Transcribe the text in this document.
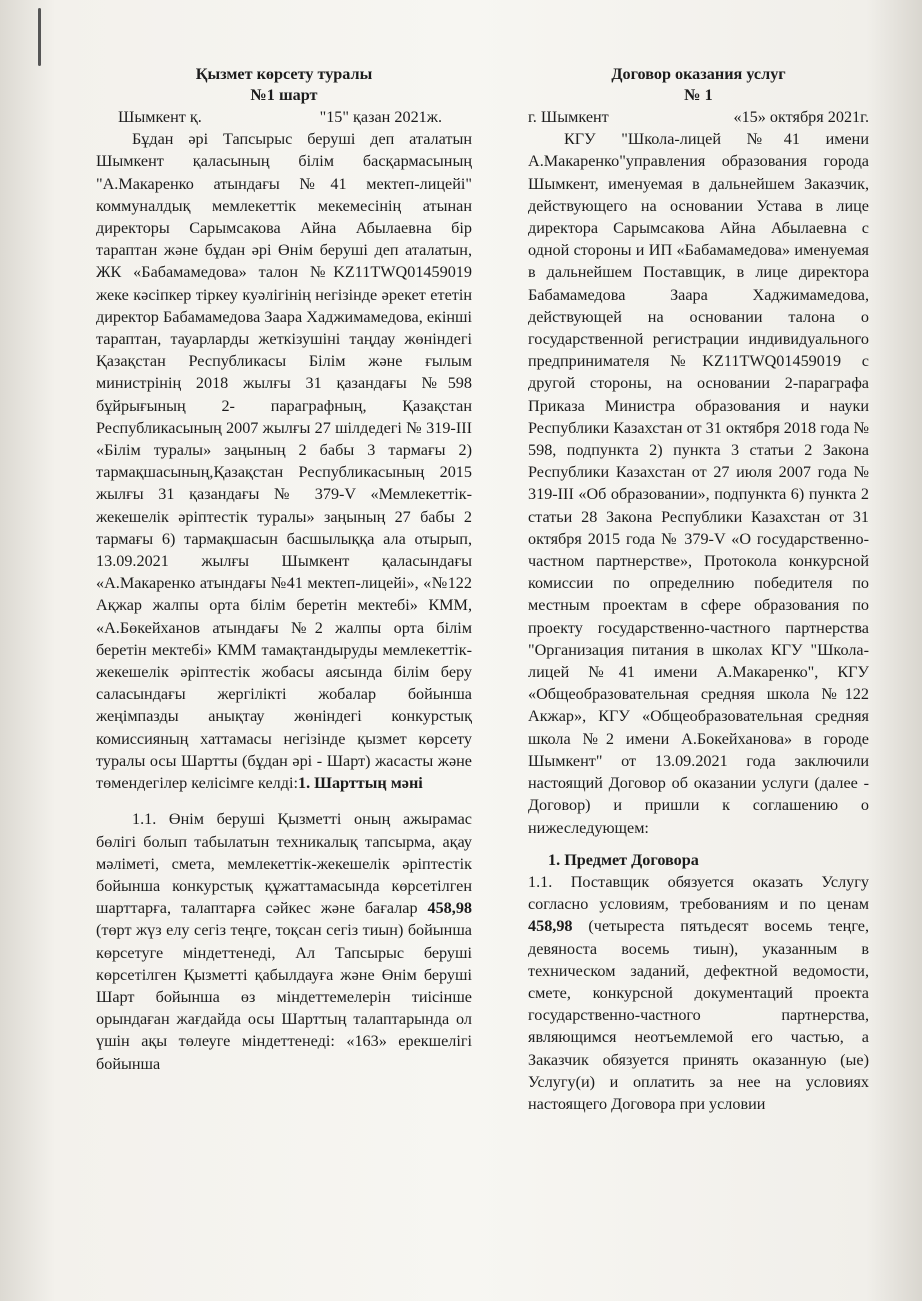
Қызмет көрсету туралы

№1 шарт

Шымкент қ.	"15" қазан 2021ж.

Бұдан әрі Тапсырыс беруші деп аталатын Шымкент қаласының білім басқармасының "А.Макаренко атындағы №41 мектеп-лицейі" коммуналдық мемлекеттік мекемесінің атынан директоры Сарымсакова Айна Абылаевна бір тараптан және бұдан әрі Өнім беруші деп аталатын, ЖК «Бабамамедова» талон №KZ11TWQ01459019 жеке кәсіпкер тіркеу куәлігінің негізінде әрекет ететін директор Бабамамедова Заара Хаджимамедова, екінші тараптан, тауарларды жеткізушіні таңдау жөніндегі Қазақстан Республикасы Білім және ғылым министрінің 2018 жылғы 31 қазандағы №598 бұйрығының 2- параграфның, Қазақстан Республикасының 2007 жылғы 27 шілдедегі № 319-III «Білім туралы» заңының 2 бабы 3 тармағы 2) тармақшасының,Қазақстан Республикасының 2015 жылғы 31 қазандағы № 379-V «Мемлекеттік-жекешелік әріптестік туралы» заңының 27 бабы 2 тармағы 6) тармақшасын басшылыққа ала отырып, 13.09.2021 жылғы Шымкент қаласындағы «А.Макаренко атындағы №41 мектеп-лицейі», «№122 Ақжар жалпы орта білім беретін мектебі» КММ, «А.Бөкейханов атындағы №2 жалпы орта білім беретін мектебі» КММ тамақтандыруды мемлекеттік-жекешелік әріптестік жобасы аясында білім беру саласындағы жергілікті жобалар бойынша жеңімпазды анықтау жөніндегі конкурстық комиссияның хаттамасы негізінде қызмет көрсету туралы осы Шартты (бұдан әрі - Шарт) жасасты және төмендегілер келісімге келді:1. Шарттың мәні

1.1. Өнім беруші Қызметті оның ажырамас бөлігі болып табылатын техникалық тапсырма, ақау мәліметі, смета, мемлекеттік-жекешелік әріптестік бойынша конкурстық құжаттамасында көрсетілген шарттарға, талаптарға сәйкес және бағалар 458,98 (төрт жүз елу сегіз теңге, тоқсан сегіз тиын) бойынша көрсетуге міндеттенеді, Ал Тапсырыс беруші көрсетілген Қызметті қабылдауға және Өнім беруші Шарт бойынша өз міндеттемелерін тиісінше орындаған жағдайда осы Шарттың талаптарында ол үшін ақы төлеуге міндеттенеді: «163» ерекшелігі бойынша

Договор оказания услуг

№ 1

г. Шымкент	«15» октября 2021г.

КГУ "Школа-лицей №41 имени А.Макаренко"управления образования города Шымкент, именуемая в дальнейшем Заказчик, действующего на основании Устава в лице директора Сарымсакова Айна Абылаевна с одной стороны и ИП «Бабамамедова» именуемая в дальнейшем Поставщик, в лице директора Бабамамедова Заара Хаджимамедова, действующей на основании талона о государственной регистрации индивидуального предпринимателя №KZ11TWQ01459019 с другой стороны, на основании 2-параграфа Приказа Министра образования и науки Республики Казахстан от 31 октября 2018 года № 598, подпункта 2) пункта 3 статьи 2 Закона Республики Казахстан от 27 июля 2007 года № 319-III «Об образовании», подпункта 6) пункта 2 статьи 28 Закона Республики Казахстан от 31 октября 2015 года № 379-V «О государственно-частном партнерстве», Протокола конкурсной комиссии по определнию победителя по местным проектам в сфере образования по проекту государственно-частного партнерства "Организация питания в школах КГУ "Школа-лицей №41 имени А.Макаренко", КГУ «Общеобразовательная средняя школа №122 Акжар», КГУ «Общеобразовательная средняя школа №2 имени А.Бокейханова» в городе Шымкент" от 13.09.2021 года заключили настоящий Договор об оказании услуги (далее - Договор) и пришли к соглашению о нижеследующем:

1. Предмет Договора

1.1. Поставщик обязуется оказать Услугу согласно условиям, требованиям и по ценам 458,98 (четыреста пятьдесят восемь теңге, девяноста восемь тиын), указанным в техническом заданий, дефектной ведомости, смете, конкурсной документаций проекта государственно-частного партнерства, являющимся неотъемлемой его частью, а Заказчик обязуется принять оказанную (ые) Услугу(и) и оплатить за нее на условиях настоящего Договора при условии
